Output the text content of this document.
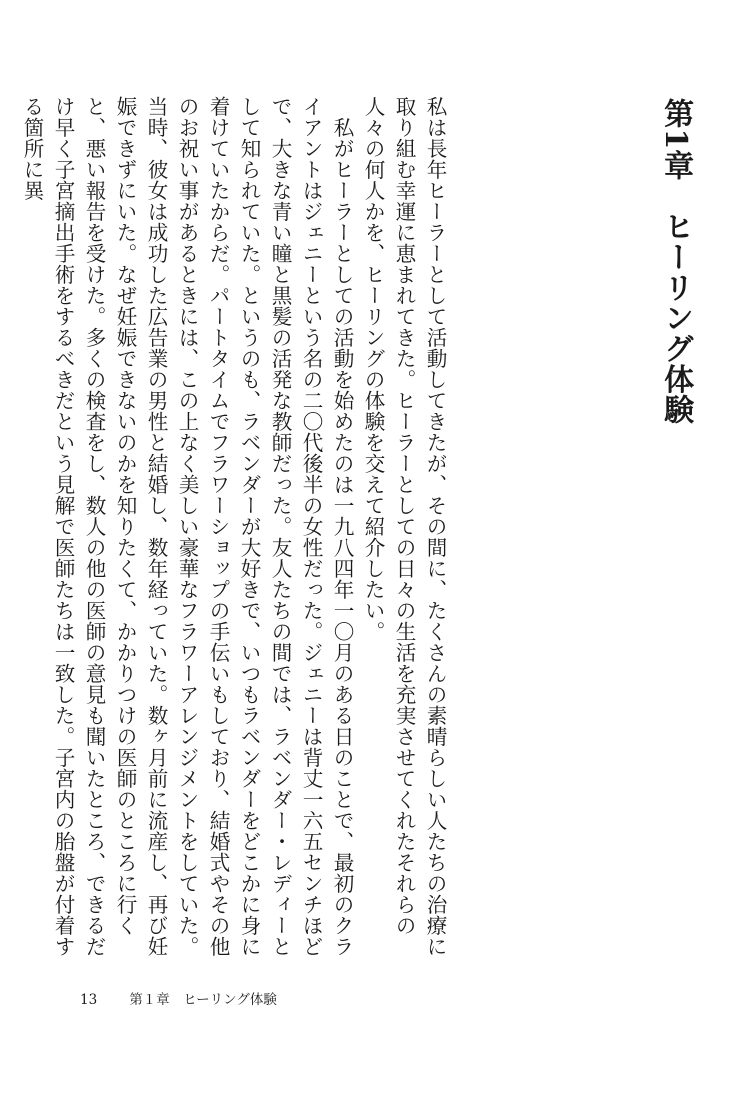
第1章　ヒーリング体験

私は長年ヒーラーとして活動してきたが、その間に、たくさんの素晴らしい人たちの治療に取り組む幸運に恵まれてきた。ヒーラーとしての日々の生活を充実させてくれたそれらの人々の何人かを、ヒーリングの体験を交えて紹介したい。

私がヒーラーとしての活動を始めたのは一九八四年一〇月のある日のことで、最初のクライアントはジェニーという名の二〇代後半の女性だった。ジェニーは背丈一六五センチほどで、大きな青い瞳と黒髪の活発な教師だった。友人たちの間では、ラベンダー・レディーとして知られていた。というのも、ラベンダーが大好きで、いつもラベンダーをどこかに身に着けていたからだ。パートタイムでフラワーショップの手伝いもしており、結婚式やその他のお祝い事があるときには、この上なく美しい豪華なフラワーアレンジメントをしていた。当時、彼女は成功した広告業の男性と結婚し、数年経っていた。数ヶ月前に流産し、再び妊娠できずにいた。なぜ妊娠できないのかを知りたくて、かかりつけの医師のところに行くと、悪い報告を受けた。多くの検査をし、数人の他の医師の意見も聞いたところ、できるだけ早く子宮摘出手術をするべきだという見解で医師たちは一致した。子宮内の胎盤が付着する箇所に異

13 第１章　ヒーリング体験
